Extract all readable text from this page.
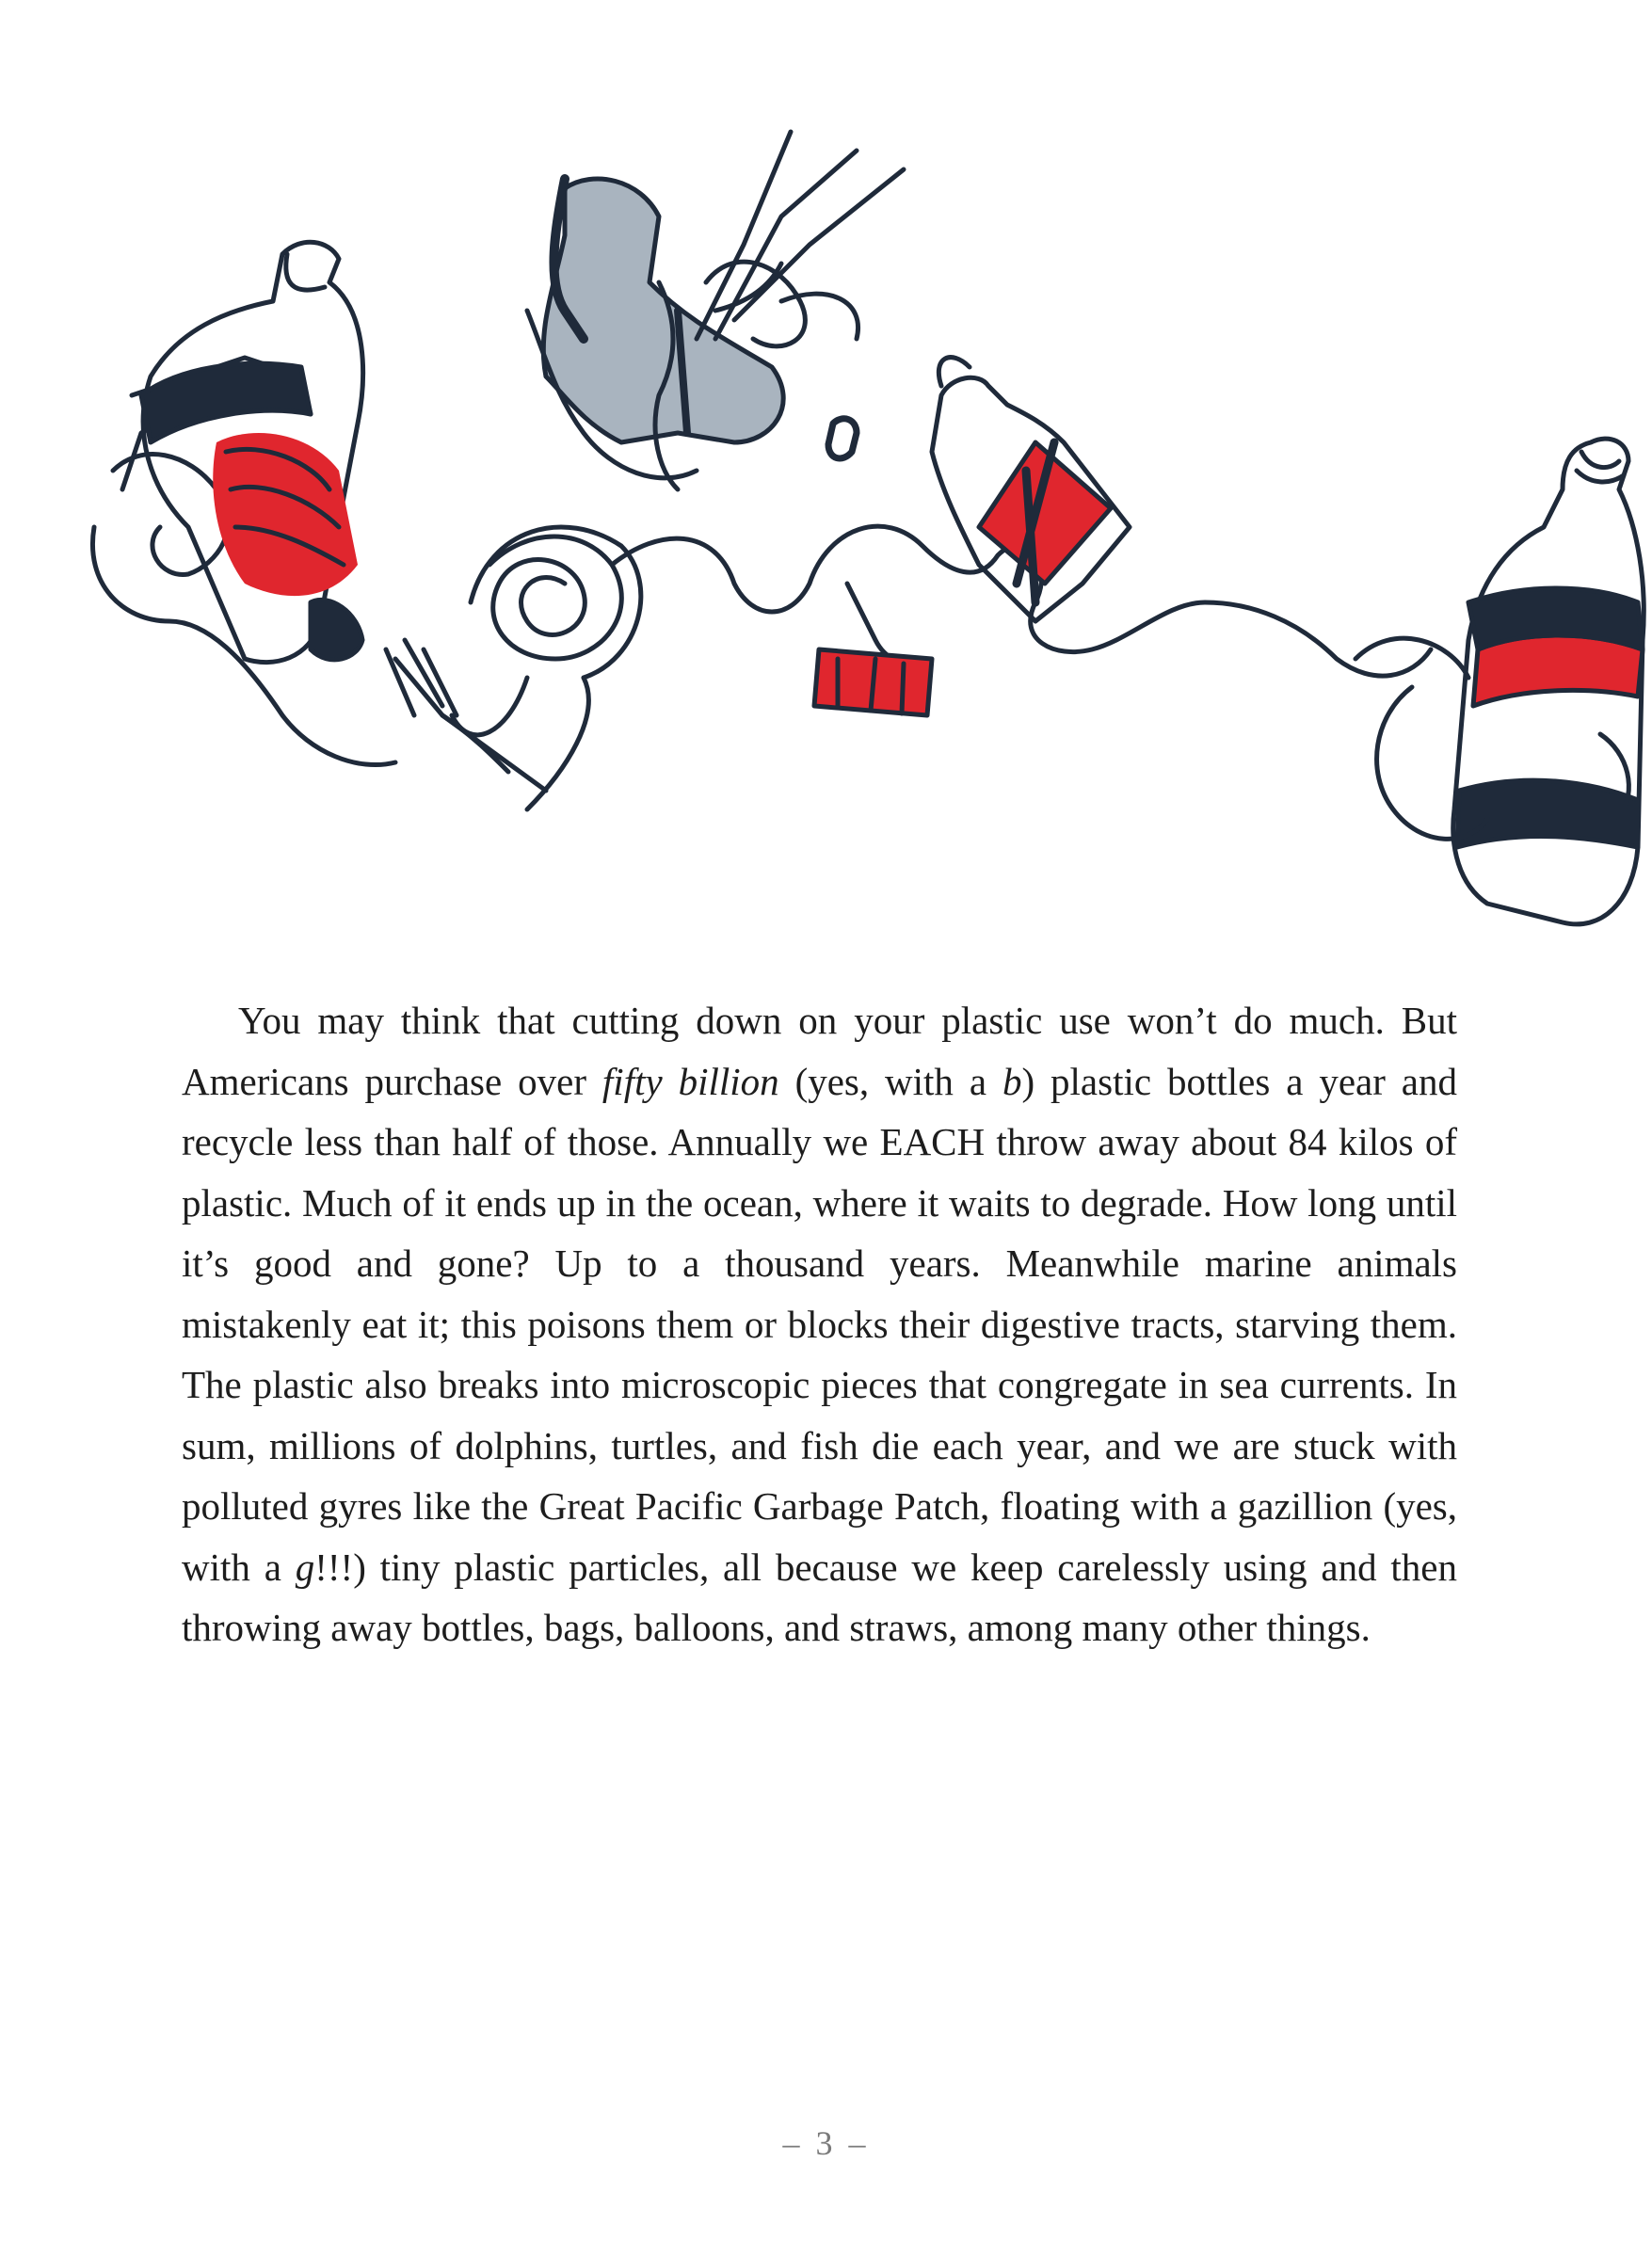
You may think that cutting down on your plastic use won’t do much. But Americans purchase over fifty billion (yes, with a b) plastic bottles a year and recycle less than half of those. Annually we EACH throw away about 84 kilos of plastic. Much of it ends up in the ocean, where it waits to degrade. How long until it’s good and gone? Up to a thousand years. Meanwhile marine animals mistakenly eat it; this poisons them or blocks their digestive tracts, starving them. The plastic also breaks into microscopic pieces that congregate in sea currents. In sum, millions of dolphins, turtles, and fish die each year, and we are stuck with polluted gyres like the Great Pacific Garbage Patch, floating with a gazillion (yes, with a g!!!) tiny plastic particles, all because we keep carelessly using and then throwing away bottles, bags, balloons, and straws, among many other things.

– 3 –
